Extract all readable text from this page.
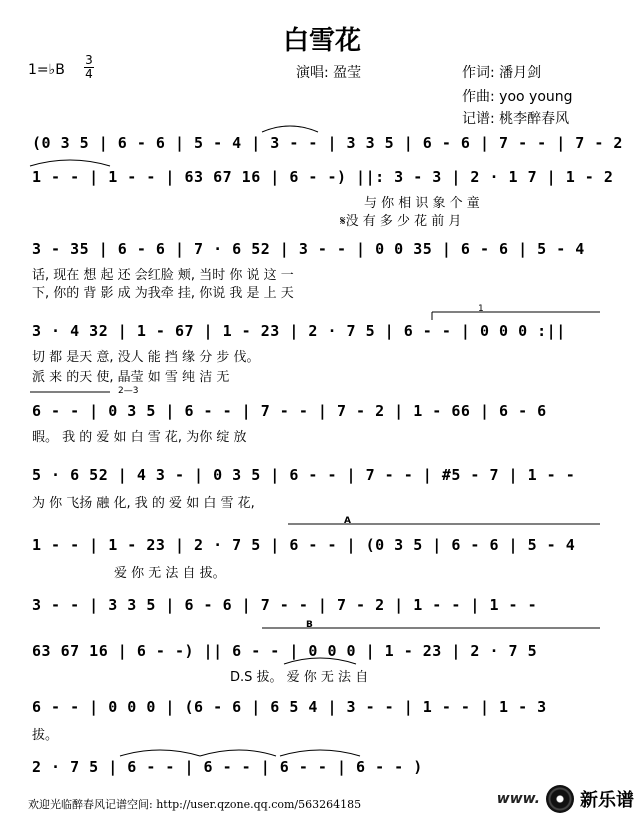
白雪花
1=♭B
3
4	演唱: 盈莹	作词: 潘月剑
作曲: yoo young
记谱: 桃李醉春风
(0 3 5 | 6 - 6 | 5 - 4 | 3 - - | 3 3 5 | 6 - 6 | 7 - - | 7 - 2
1 - - | 1 - - | 63 67 16 | 6 - -) ||: 3 - 3 | 2 · 1 7 | 1 - 2
与 你 相 识 象 个 童
𝄋没 有 多 少 花 前 月
3 - 35 | 6 - 6 | 7 · 6 52 | 3 - - | 0 0 35 | 6 - 6 | 5 - 4
话, 现在 想 起 还 会红脸 颊, 当时 你 说 这 一
下, 你的 背 影 成 为我牵 挂, 你说 我 是 上 天
3 · 4 32 | 1 - 67 | 1 - 23 | 2 · 7 5 | 6 - - | 0 0 0 :||
切 都 是天 意, 没人 能 挡 缘 分 步 伐。
派 来 的天 使, 晶莹 如 雪 纯 洁 无
6 - - | 0 3 5 | 6 - - | 7 - - | 7 - 2 | 1 - 66 | 6 - 6
暇。 我 的 爱 如 白 雪 花, 为你 绽 放
5 · 6 52 | 4 3 - | 0 3 5 | 6 - - | 7 - - | #5 - 7 | 1 - -
为 你 飞扬 融 化, 我 的 爱 如 白 雪 花,
1 - - | 1 - 23 | 2 · 7 5 | 6 - - | (0 3 5 | 6 - 6 | 5 - 4
爱 你 无 法 自 拔。
3 - - | 3 3 5 | 6 - 6 | 7 - - | 7 - 2 | 1 - - | 1 - -
63 67 16 | 6 - -) || 6 - - | 0 0 0 | 1 - 23 | 2 · 7 5
D.S 拔。 爱 你 无 法 自
6 - - | 0 0 0 | (6 - 6 | 6 5 4 | 3 - - | 1 - - | 1 - 3
拔。
2 · 7 5 | 6 - - | 6 - - | 6 - - | 6 - - )
1
2—3
A
B
欢迎光临醉春风记谱空间: http://user.qzone.qq.com/563264185	www. 新乐谱
